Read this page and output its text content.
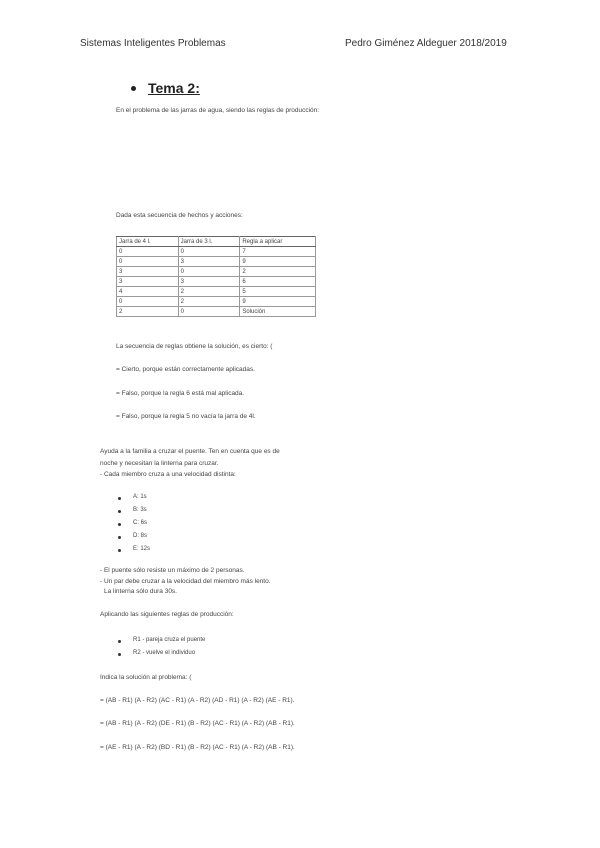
Sistemas Inteligentes Problemas	Pedro Giménez Aldeguer 2018/2019
Tema 2:
En el problema de las jarras de agua, siendo las reglas de producción:
Dada esta secuencia de hechos y acciones:
Jarra de 4 l.	Jarra de 3 l.	Regla a aplicar
0	0	7
0	3	9
3	0	2
3	3	6
4	2	5
0	2	9
2	0	Solución
La secuencia de reglas obtiene la solución, es cierto: (
= Cierto, porque están correctamente aplicadas.
= Falso, porque la regla 6 está mal aplicada.
= Falso, porque la regla 5 no vacía la jarra de 4l.
Ayuda a la familia a cruzar el puente. Ten en cuenta que es de
noche y necesitan la linterna para cruzar.
- Cada miembro cruza a una velocidad distinta:
A: 1s
B: 3s
C: 6s
D: 8s
E: 12s
- El puente sólo resiste un máximo de 2 personas.
- Un par debe cruzar a la velocidad del miembro más lento.
La linterna sólo dura 30s.
Aplicando las siguientes reglas de producción:
R1 - pareja cruza el puente
R2 - vuelve el individuo
Indica la solución al problema: (
= (AB - R1) (A - R2) (AC - R1) (A - R2) (AD - R1) (A - R2) (AE - R1).
= (AB - R1) (A - R2) (DE - R1) (B - R2) (AC - R1) (A - R2) (AB - R1).
= (AE - R1) (A - R2) (BD - R1) (B - R2) (AC - R1) (A - R2) (AB - R1).
